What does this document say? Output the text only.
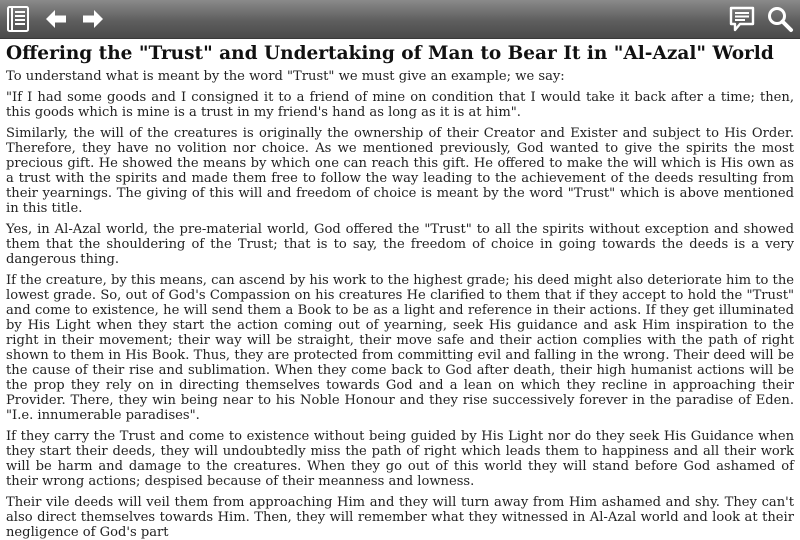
Offering the "Trust" and Undertaking of Man to Bear It in "Al-Azal" World

To understand what is meant by the word "Trust" we must give an example; we say:

"If I had some goods and I consigned it to a friend of mine on condition that I would take it back after a time; then, this goods which is mine is a trust in my friend's hand as long as it is at him".

Similarly, the will of the creatures is originally the ownership of their Creator and Exister and subject to His Order. Therefore, they have no volition nor choice. As we mentioned previously, God wanted to give the spirits the most precious gift. He showed the means by which one can reach this gift. He offered to make the will which is His own as a trust with the spirits and made them free to follow the way leading to the achievement of the deeds resulting from their yearnings. The giving of this will and freedom of choice is meant by the word "Trust" which is above mentioned in this title.

Yes, in Al-Azal world, the pre-material world, God offered the "Trust" to all the spirits without exception and showed them that the shouldering of the Trust; that is to say, the freedom of choice in going towards the deeds is a very dangerous thing.

If the creature, by this means, can ascend by his work to the highest grade; his deed might also deteriorate him to the lowest grade. So, out of God's Compassion on his creatures He clarified to them that if they accept to hold the "Trust" and come to existence, he will send them a Book to be as a light and reference in their actions. If they get illuminated by His Light when they start the action coming out of yearning, seek His guidance and ask Him inspiration to the right in their movement; their way will be straight, their move safe and their action complies with the path of right shown to them in His Book. Thus, they are protected from committing evil and falling in the wrong. Their deed will be the cause of their rise and sublimation. When they come back to God after death, their high humanist actions will be the prop they rely on in directing themselves towards God and a lean on which they recline in approaching their Provider. There, they win being near to his Noble Honour and they rise successively forever in the paradise of Eden. "I.e. innumerable paradises".

If they carry the Trust and come to existence without being guided by His Light nor do they seek His Guidance when they start their deeds, they will undoubtedly miss the path of right which leads them to happiness and all their work will be harm and damage to the creatures. When they go out of this world they will stand before God ashamed of their wrong actions; despised because of their meanness and lowness.

Their vile deeds will veil them from approaching Him and they will turn away from Him ashamed and shy. They can't also direct themselves towards Him. Then, they will remember what they witnessed in Al-Azal world and look at their negligence of God's part
